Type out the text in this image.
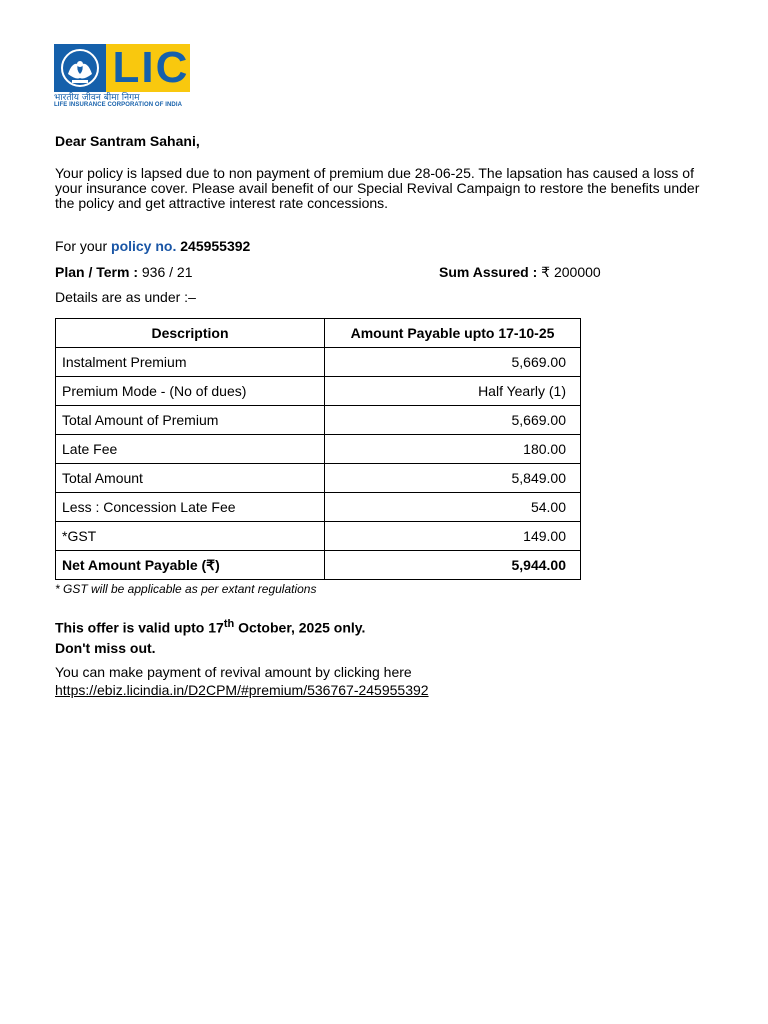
LIC
भारतीय जीवन बीमा निगम
LIFE INSURANCE CORPORATION OF INDIA
Dear Santram Sahani,
Your policy is lapsed due to non payment of premium due 28-06-25. The lapsation has caused a loss of your insurance cover. Please avail benefit of our Special Revival Campaign to restore the benefits under the policy and get attractive interest rate concessions.
For your policy no. 245955392
Plan / Term : 936 / 21	Sum Assured : ₹ 200000
Details are as under :–
Description	Amount Payable upto 17-10-25
Instalment Premium	5,669.00
Premium Mode - (No of dues)	Half Yearly (1)
Total Amount of Premium	5,669.00
Late Fee	180.00
Total Amount	5,849.00
Less : Concession Late Fee	54.00
*GST	149.00
Net Amount Payable (₹)	5,944.00
* GST will be applicable as per extant regulations
This offer is valid upto 17th October, 2025 only.
Don't miss out.
You can make payment of revival amount by clicking here
https://ebiz.licindia.in/D2CPM/#premium/536767-245955392
